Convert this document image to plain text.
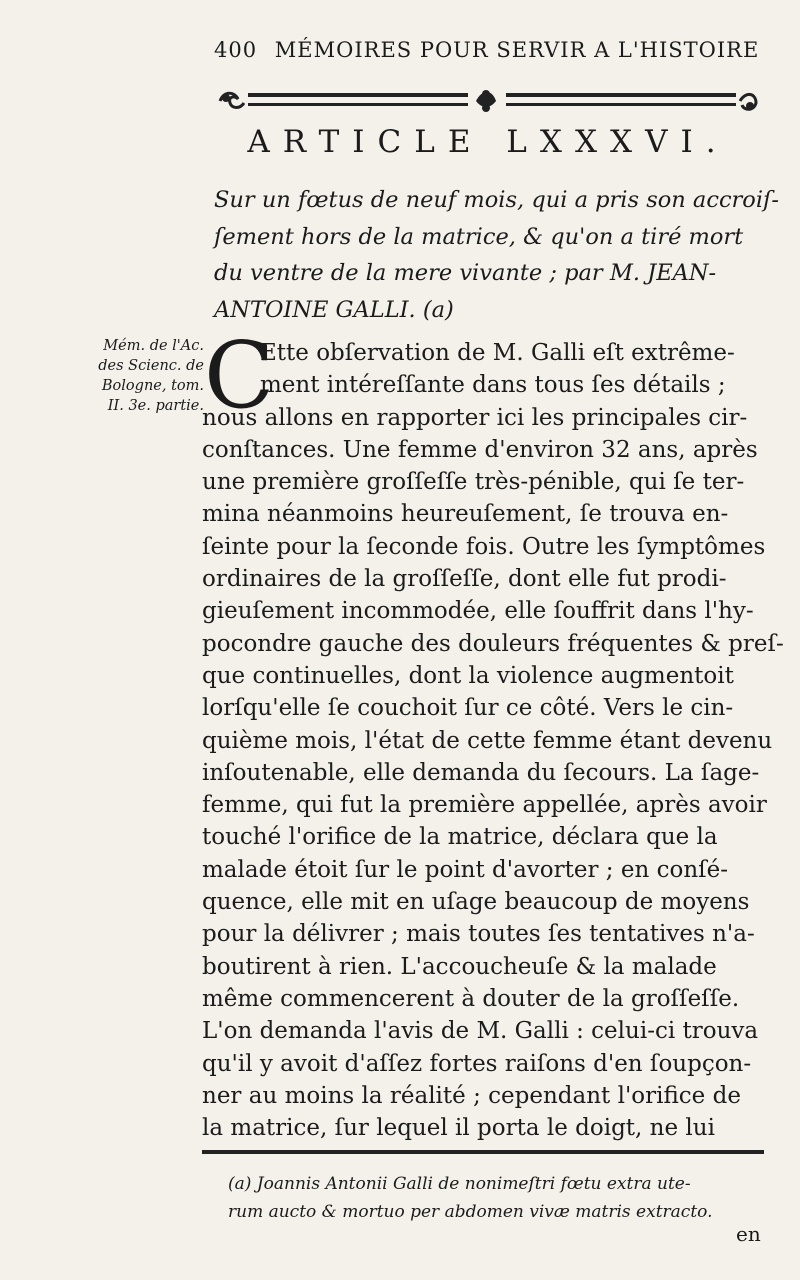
400 MÉMOIRES POUR SERVIR A L'HISTOIRE
ARTICLE LXXXVI.
Sur un fœtus de neuf mois, qui a pris son accroiſ-
ſement hors de la matrice, & qu'on a tiré mort
du ventre de la mere vivante ; par M. JEAN-
ANTOINE GALLI. (a)
Mém. de l'Ac.
des Scienc. de
Bologne, tom.
II. 3e. partie. C
Ette obſervation de M. Galli eſt extrême-
ment intéreſſante dans tous ſes détails ;
nous allons en rapporter ici les principales cir-
conſtances. Une femme d'environ 32 ans, après
une première groſſeſſe très-pénible, qui ſe ter-
mina néanmoins heureuſement, ſe trouva en-
ſeinte pour la ſeconde fois. Outre les ſymptômes
ordinaires de la groſſeſſe, dont elle fut prodi-
gieuſement incommodée, elle ſouffrit dans l'hy-
pocondre gauche des douleurs fréquentes & preſ-
que continuelles, dont la violence augmentoit
lorſqu'elle ſe couchoit ſur ce côté. Vers le cin-
quième mois, l'état de cette femme étant devenu
inſoutenable, elle demanda du ſecours. La ſage-
femme, qui fut la première appellée, après avoir
touché l'orifice de la matrice, déclara que la
malade étoit ſur le point d'avorter ; en conſé-
quence, elle mit en uſage beaucoup de moyens
pour la délivrer ; mais toutes ſes tentatives n'a-
boutirent à rien. L'accoucheuſe & la malade
même commencerent à douter de la groſſeſſe.
L'on demanda l'avis de M. Galli : celui-ci trouva
qu'il y avoit d'aſſez fortes raiſons d'en ſoupçon-
ner au moins la réalité ; cependant l'orifice de
la matrice, ſur lequel il porta le doigt, ne lui
(a) Joannis Antonii Galli de nonimeſtri fœtu extra ute-
rum aucto & mortuo per abdomen vivæ matris extracto.
en
